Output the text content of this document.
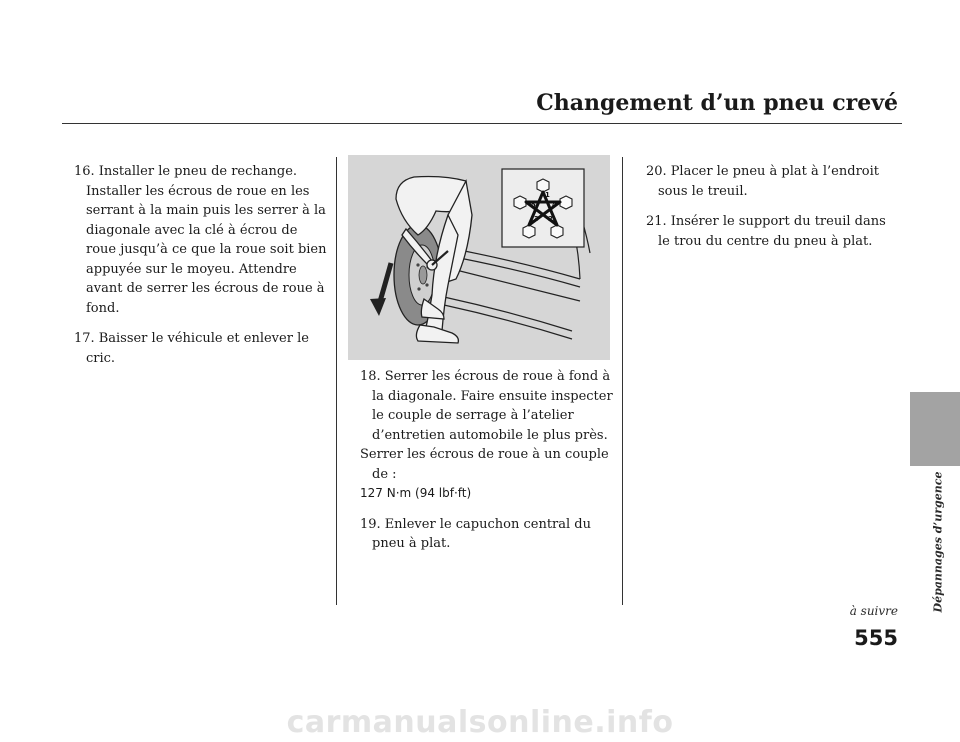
Changement d’un pneu crevé
16. Installer le pneu de rechange. Installer les écrous de roue en les serrant à la main puis les serrer à la diagonale avec la clé à écrou de roue jusqu’à ce que la roue soit bien appuyée sur le moyeu. Attendre avant de serrer les écrous de roue à fond.
17. Baisser le véhicule et enlever le cric.
1
4
2
3
5
18. Serrer les écrous de roue à fond à la diagonale. Faire ensuite inspecter le couple de serrage à l’atelier d’entretien automobile le plus près.
Serrer les écrous de roue à un couple de :
127 N·m (94 lbf·ft)
19. Enlever le capuchon central du pneu à plat.
20. Placer le pneu à plat à l’endroit sous le treuil.
21. Insérer le support du treuil dans le trou du centre du pneu à plat.
Dépannages d’urgence
à suivre
555
carmanualsonline.info
